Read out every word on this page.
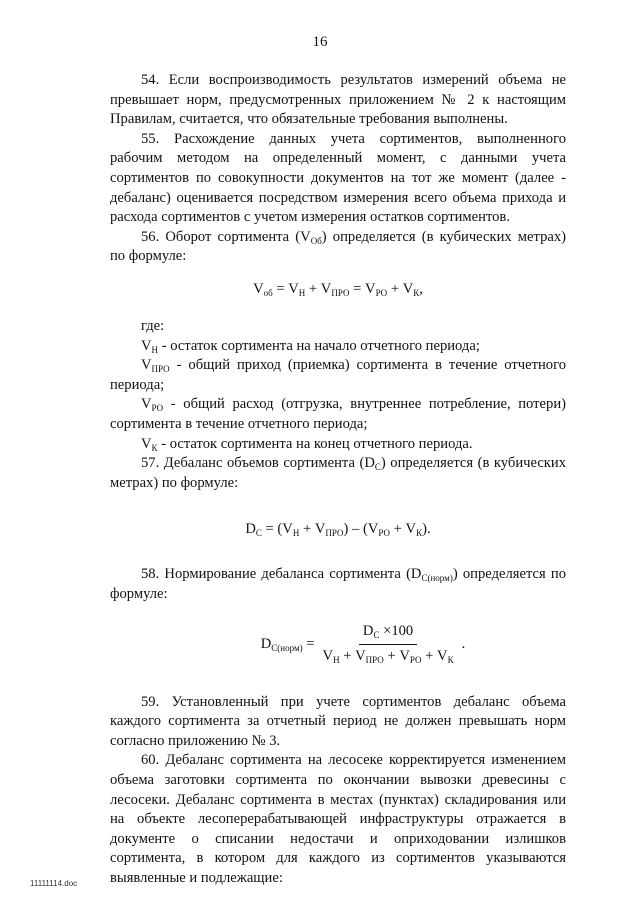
16

54. Если воспроизводимость результатов измерений объема не превышает норм, предусмотренных приложением № 2 к настоящим Правилам, считается, что обязательные требования выполнены.

55. Расхождение данных учета сортиментов, выполненного рабочим методом на определенный момент, с данными учета сортиментов по совокупности документов на тот же момент (далее - дебаланс) оценивается посредством измерения всего объема прихода и расхода сортиментов с учетом измерения остатков сортиментов.

56. Оборот сортимента $(V_{Об})$ определяется (в кубических метрах) по формуле:

$V_{об} = V_Н + V_{ПРО} = V_{РО} + V_К$,

где:

$V_Н$ - остаток сортимента на начало отчетного периода;

$V_{ПРО}$ - общий приход (приемка) сортимента в течение отчетного периода;

$V_{РО}$ - общий расход (отгрузка, внутреннее потребление, потери) сортимента в течение отчетного периода;

$V_К$ - остаток сортимента на конец отчетного периода.

57. Дебаланс объемов сортимента $(D_С)$ определяется (в кубических метрах) по формуле:

$D_С = (V_Н + V_{ПРО}) - (V_{РО} + V_К)$.

58. Нормирование дебаланса сортимента $(D_{С(норм)})$ определяется по формуле:

$D_{С(норм)} = \frac{D_С \times 100}{V_Н + V_{ПРО} + V_{РО} + V_К}$ .

59. Установленный при учете сортиментов дебаланс объема каждого сортимента за отчетный период не должен превышать норм согласно приложению № 3.

60. Дебаланс сортимента на лесосеке корректируется изменением объема заготовки сортимента по окончании вывозки древесины с лесосеки. Дебаланс сортимента в местах (пунктах) складирования или на объекте лесоперерабатывающей инфраструктуры отражается в документе о списании недостачи и оприходовании излишков сортимента, в котором для каждого из сортиментов указываются выявленные и подлежащие:

11111114.doc
